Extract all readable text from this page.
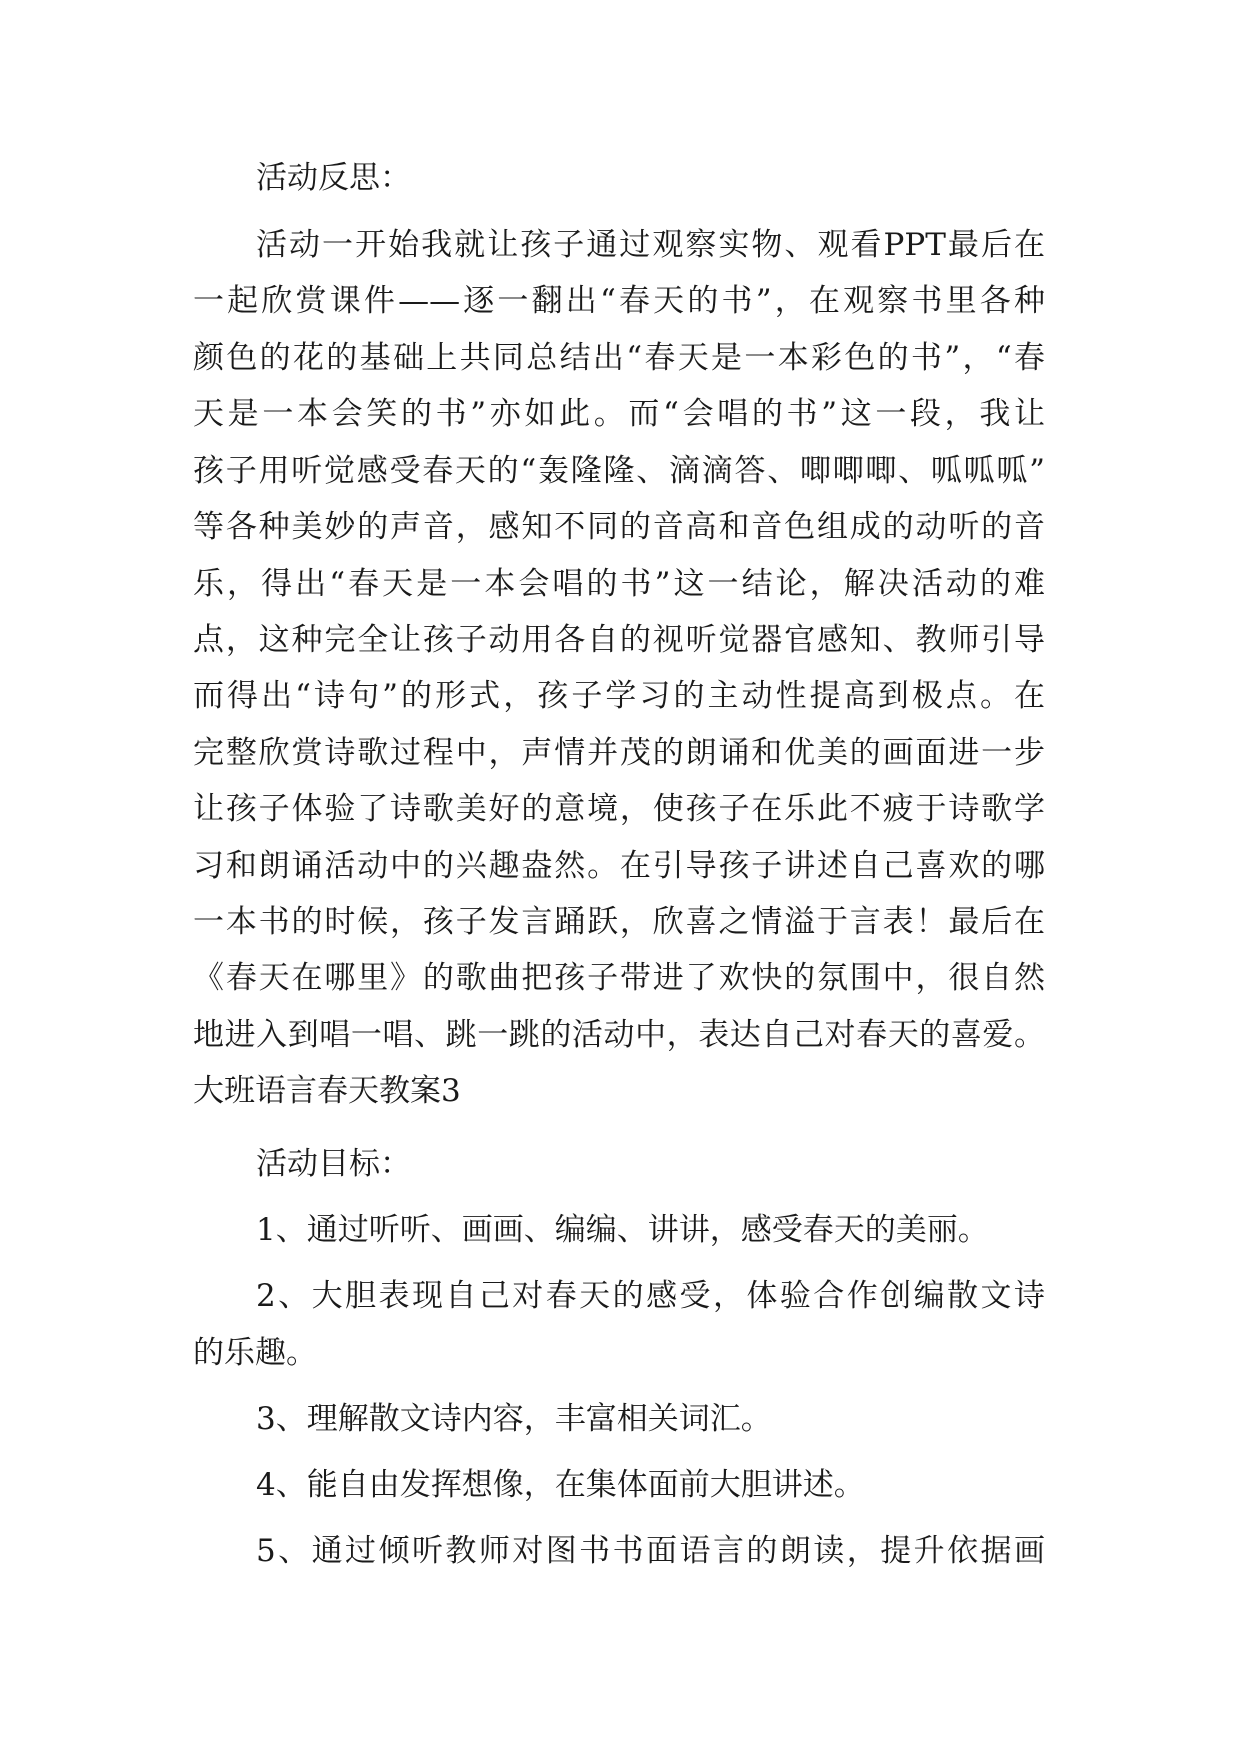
活动反思：
活动一开始我就让孩子通过观察实物、观看PPT最后在
一起欣赏课件——逐一翻出“春天的书”，在观察书里各种
颜色的花的基础上共同总结出“春天是一本彩色的书”，“春
天是一本会笑的书”亦如此。而“会唱的书”这一段，我让
孩子用听觉感受春天的“轰隆隆、滴滴答、唧唧唧、呱呱呱”
等各种美妙的声音，感知不同的音高和音色组成的动听的音
乐，得出“春天是一本会唱的书”这一结论，解决活动的难
点，这种完全让孩子动用各自的视听觉器官感知、教师引导
而得出“诗句”的形式，孩子学习的主动性提高到极点。在
完整欣赏诗歌过程中，声情并茂的朗诵和优美的画面进一步
让孩子体验了诗歌美好的意境，使孩子在乐此不疲于诗歌学
习和朗诵活动中的兴趣盎然。在引导孩子讲述自己喜欢的哪
一本书的时候，孩子发言踊跃，欣喜之情溢于言表！最后在
《春天在哪里》的歌曲把孩子带进了欢快的氛围中，很自然
地进入到唱一唱、跳一跳的活动中，表达自己对春天的喜爱。
大班语言春天教案3
活动目标：
1、通过听听、画画、编编、讲讲，感受春天的美丽。
2、大胆表现自己对春天的感受，体验合作创编散文诗
的乐趣。
3、理解散文诗内容，丰富相关词汇。
4、能自由发挥想像，在集体面前大胆讲述。
5、通过倾听教师对图书书面语言的朗读，提升依据画
